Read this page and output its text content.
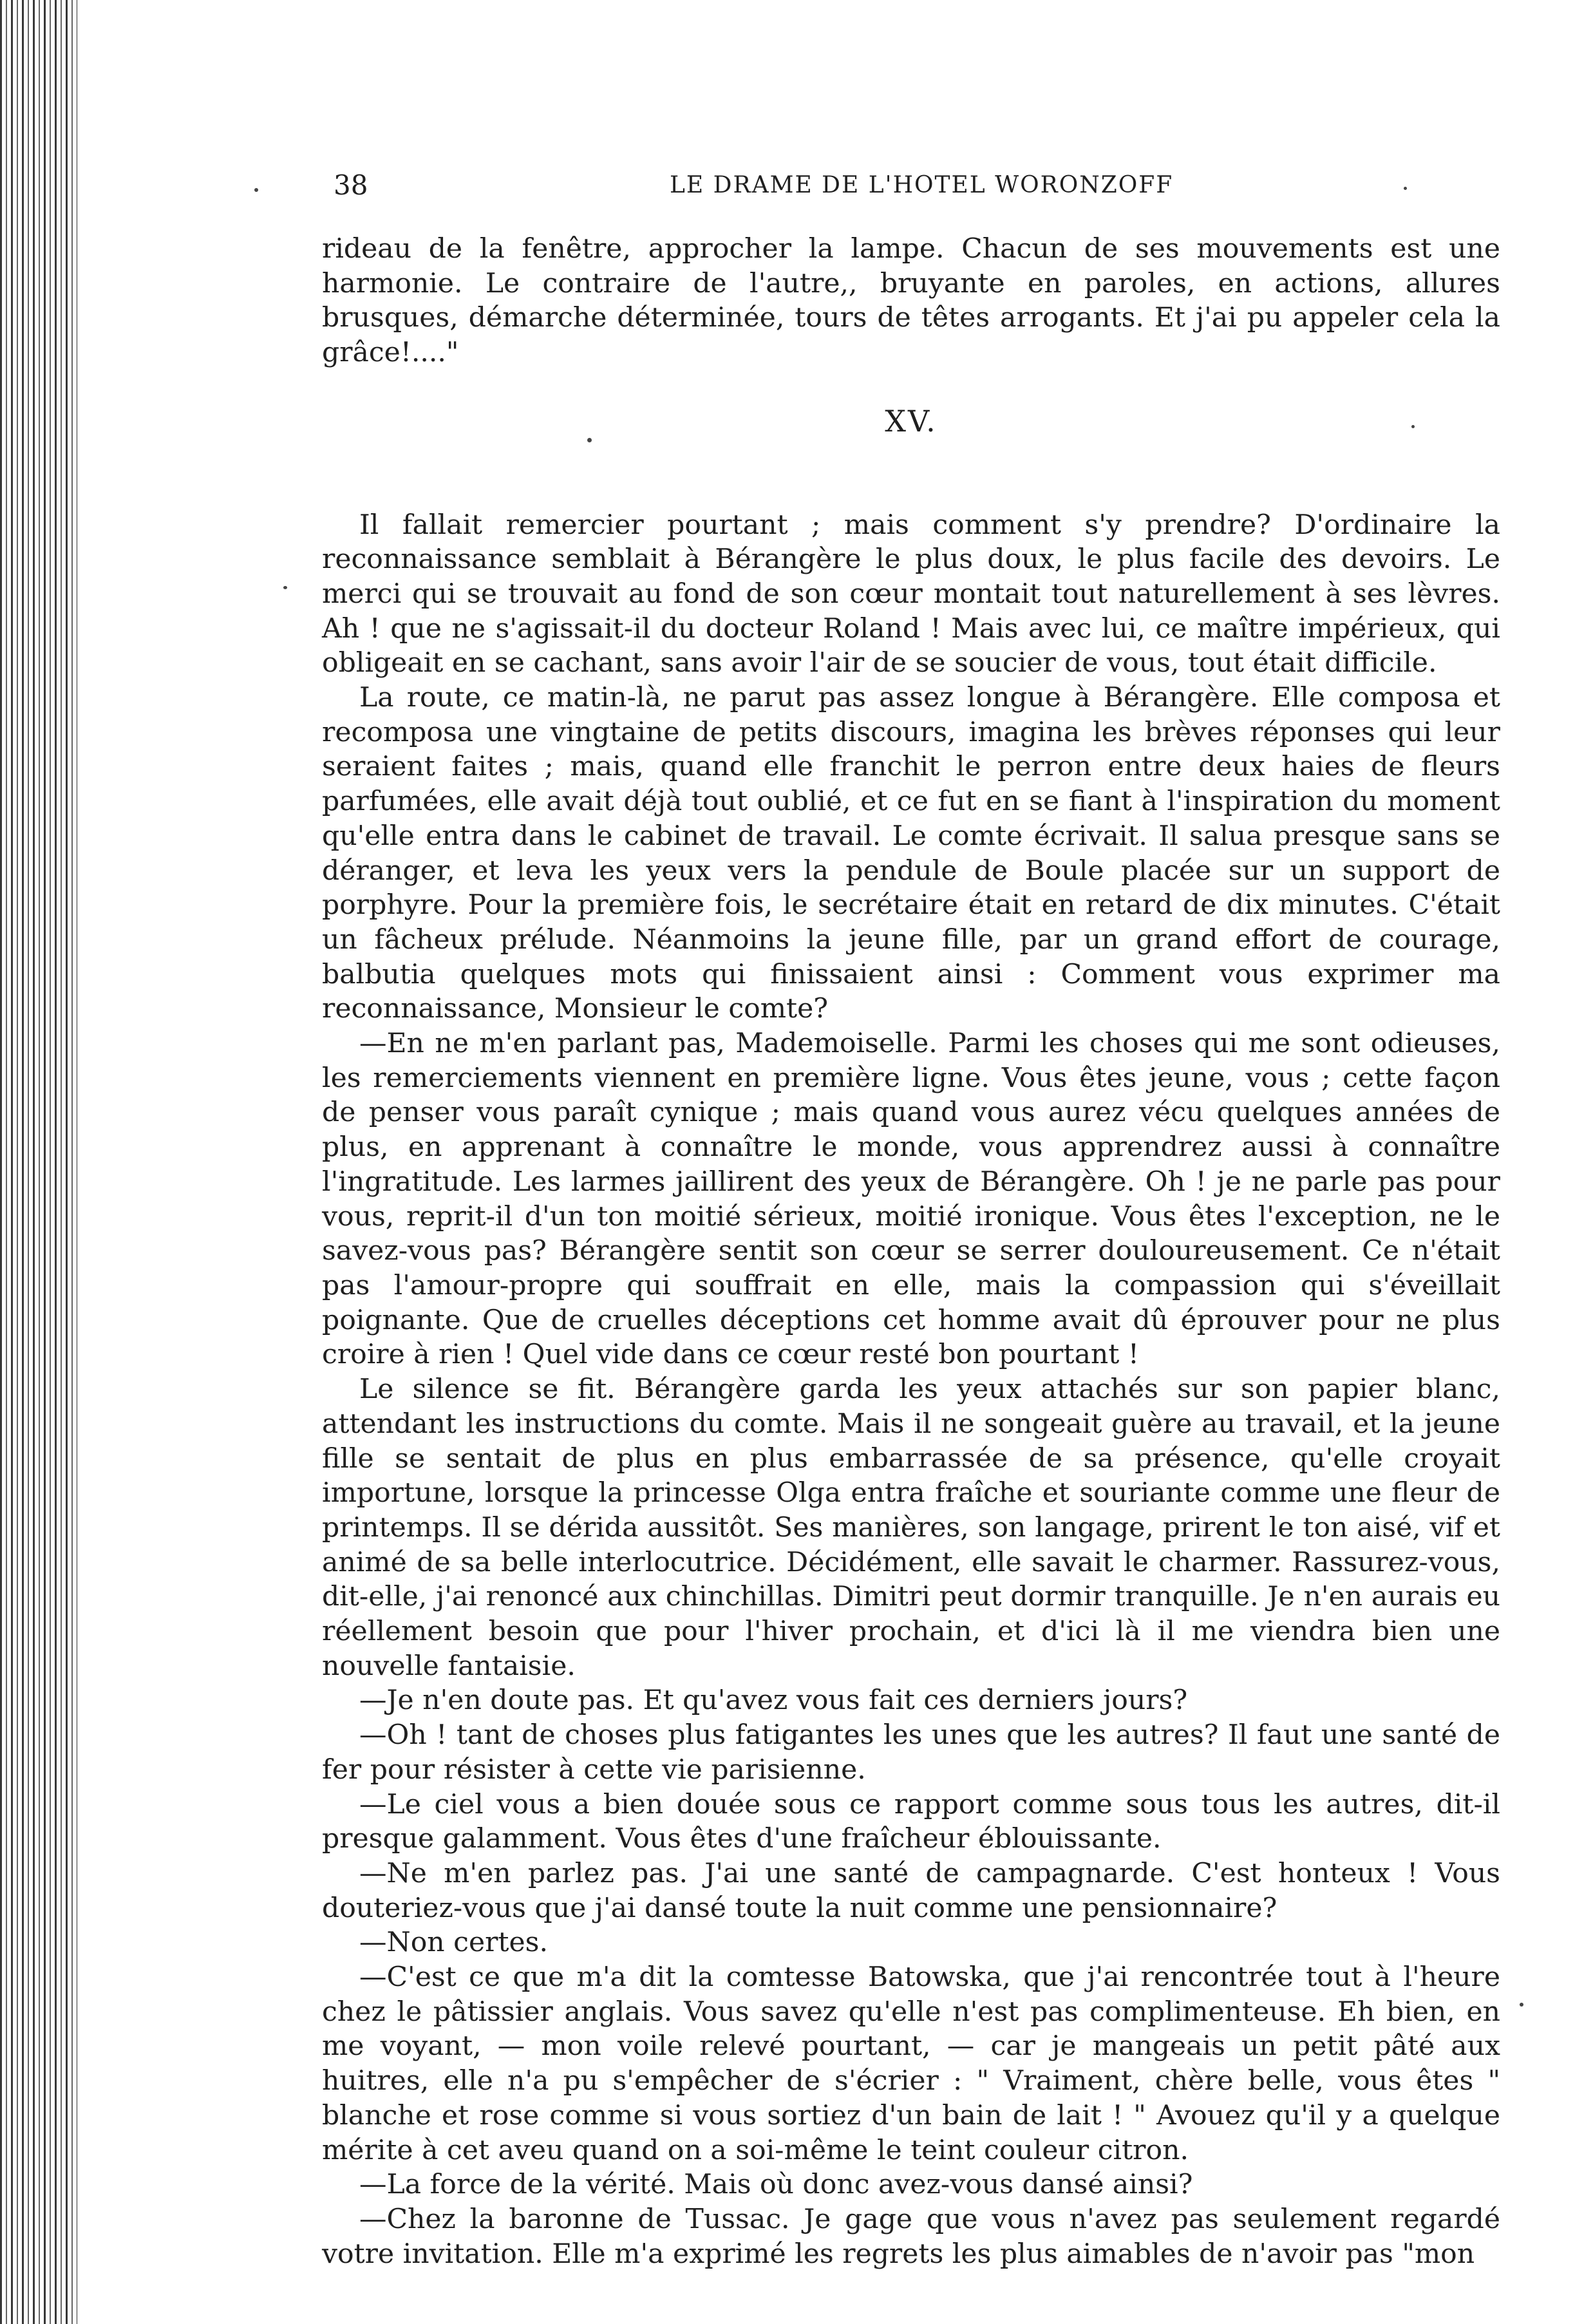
38	LE DRAME DE L'HOTEL WORONZOFF

rideau de la fenêtre, approcher la lampe. Chacun de ses mouvements est une harmonie. Le contraire de l'autre,, bruyante en paroles, en actions, allures brusques, démarche déterminée, tours de têtes arrogants. Et j'ai pu appeler cela la grâce!...."

XV.

Il fallait remercier pourtant ; mais comment s'y prendre? D'ordinaire la reconnaissance semblait à Bérangère le plus doux, le plus facile des devoirs. Le merci qui se trouvait au fond de son cœur montait tout naturellement à ses lèvres. Ah ! que ne s'agissait-il du docteur Roland ! Mais avec lui, ce maître impérieux, qui obligeait en se cachant, sans avoir l'air de se soucier de vous, tout était difficile.

La route, ce matin-là, ne parut pas assez longue à Bérangère. Elle composa et recomposa une vingtaine de petits discours, imagina les brèves réponses qui leur seraient faites ; mais, quand elle franchit le perron entre deux haies de fleurs parfumées, elle avait déjà tout oublié, et ce fut en se fiant à l'inspiration du moment qu'elle entra dans le cabinet de travail. Le comte écrivait. Il salua presque sans se déranger, et leva les yeux vers la pendule de Boule placée sur un support de porphyre. Pour la première fois, le secrétaire était en retard de dix minutes. C'était un fâcheux prélude. Néanmoins la jeune fille, par un grand effort de courage, balbutia quelques mots qui finissaient ainsi : Comment vous exprimer ma reconnaissance, Monsieur le comte?

—En ne m'en parlant pas, Mademoiselle. Parmi les choses qui me sont odieuses, les remerciements viennent en première ligne. Vous êtes jeune, vous ; cette façon de penser vous paraît cynique ; mais quand vous aurez vécu quelques années de plus, en apprenant à connaître le monde, vous apprendrez aussi à connaître l'ingratitude. Les larmes jaillirent des yeux de Bérangère. Oh ! je ne parle pas pour vous, reprit-il d'un ton moitié sérieux, moitié ironique. Vous êtes l'exception, ne le savez-vous pas? Bérangère sentit son cœur se serrer douloureusement. Ce n'était pas l'amour-propre qui souffrait en elle, mais la compassion qui s'éveillait poignante. Que de cruelles déceptions cet homme avait dû éprouver pour ne plus croire à rien ! Quel vide dans ce cœur resté bon pourtant !

Le silence se fit. Bérangère garda les yeux attachés sur son papier blanc, attendant les instructions du comte. Mais il ne songeait guère au travail, et la jeune fille se sentait de plus en plus embarrassée de sa présence, qu'elle croyait importune, lorsque la princesse Olga entra fraîche et souriante comme une fleur de printemps. Il se dérida aussitôt. Ses manières, son langage, prirent le ton aisé, vif et animé de sa belle interlocutrice. Décidément, elle savait le charmer. Rassurez-vous, dit-elle, j'ai renoncé aux chinchillas. Dimitri peut dormir tranquille. Je n'en aurais eu réellement besoin que pour l'hiver prochain, et d'ici là il me viendra bien une nouvelle fantaisie.

—Je n'en doute pas. Et qu'avez vous fait ces derniers jours?

—Oh ! tant de choses plus fatigantes les unes que les autres? Il faut une santé de fer pour résister à cette vie parisienne.

—Le ciel vous a bien douée sous ce rapport comme sous tous les autres, dit-il presque galamment. Vous êtes d'une fraîcheur éblouissante.

—Ne m'en parlez pas. J'ai une santé de campagnarde. C'est honteux ! Vous douteriez-vous que j'ai dansé toute la nuit comme une pensionnaire?

—Non certes.

—C'est ce que m'a dit la comtesse Batowska, que j'ai rencontrée tout à l'heure chez le pâtissier anglais. Vous savez qu'elle n'est pas complimenteuse. Eh bien, en me voyant, — mon voile relevé pourtant, — car je mangeais un petit pâté aux huitres, elle n'a pu s'empêcher de s'écrier : " Vraiment, chère belle, vous êtes " blanche et rose comme si vous sortiez d'un bain de lait ! " Avouez qu'il y a quelque mérite à cet aveu quand on a soi-même le teint couleur citron.

—La force de la vérité. Mais où donc avez-vous dansé ainsi?

—Chez la baronne de Tussac. Je gage que vous n'avez pas seulement regardé votre invitation. Elle m'a exprimé les regrets les plus aimables de n'avoir pas "mon
